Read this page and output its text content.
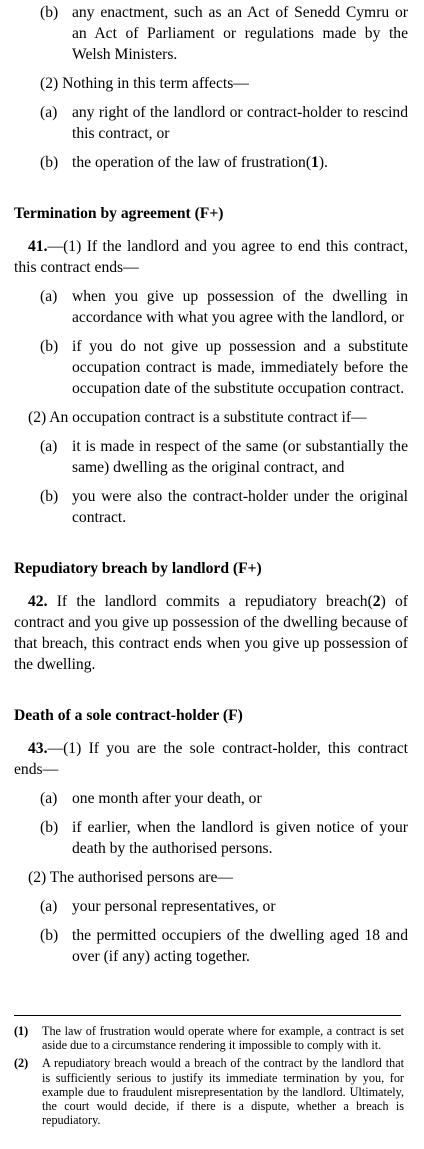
(b) any enactment, such as an Act of Senedd Cymru or an Act of Parliament or regulations made by the Welsh Ministers.

(2) Nothing in this term affects—

(a) any right of the landlord or contract-holder to rescind this contract, or
(b) the operation of the law of frustration(1).

Termination by agreement (F+)

41.—(1) If the landlord and you agree to end this contract, this contract ends—

(a) when you give up possession of the dwelling in accordance with what you agree with the landlord, or
(b) if you do not give up possession and a substitute occupation contract is made, immediately before the occupation date of the substitute occupation contract.

(2) An occupation contract is a substitute contract if—

(a) it is made in respect of the same (or substantially the same) dwelling as the original contract, and
(b) you were also the contract-holder under the original contract.

Repudiatory breach by landlord (F+)

42. If the landlord commits a repudiatory breach(2) of contract and you give up possession of the dwelling because of that breach, this contract ends when you give up possession of the dwelling.

Death of a sole contract-holder (F)

43.—(1) If you are the sole contract-holder, this contract ends—

(a) one month after your death, or
(b) if earlier, when the landlord is given notice of your death by the authorised persons.

(2) The authorised persons are—

(a) your personal representatives, or
(b) the permitted occupiers of the dwelling aged 18 and over (if any) acting together.
(1)	The law of frustration would operate where for example, a contract is set aside due to a circumstance rendering it impossible to comply with it.
(2)	A repudiatory breach would a breach of the contract by the landlord that is sufficiently serious to justify its immediate termination by you, for example due to fraudulent misrepresentation by the landlord. Ultimately, the court would decide, if there is a dispute, whether a breach is repudiatory.
